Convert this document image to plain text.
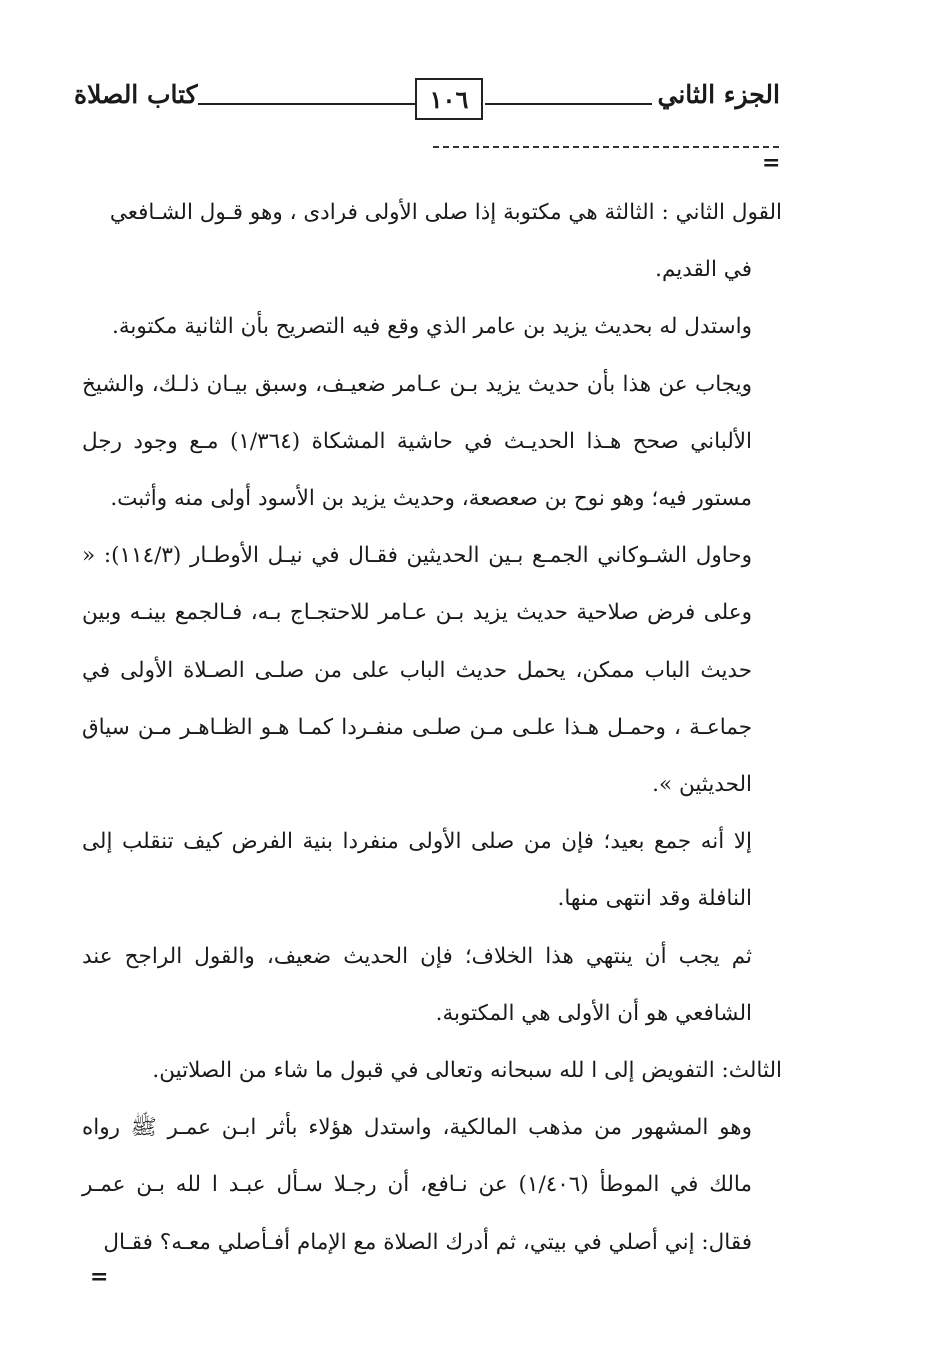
الجزء الثاني
١٠٦
كتاب الصلاة
=

القول الثاني : الثالثة هي مكتوبة إذا صلى الأولى فرادى ، وهو قـول الشـافعي

في القديم.

واستدل له بحديث يزيد بن عامر الذي وقع فيه التصريح بأن الثانية مكتوبة.

ويجاب عن هذا بأن حديث يزيد بـن عـامر ضعيـف، وسبق بيـان ذلـك، والشيخ الألباني صحح هـذا الحديـث في حاشية المشكاة (١/٣٦٤) مـع وجود رجل مستور فيه؛ وهو نوح بن صعصعة، وحديث يزيد بن الأسود أولى منه وأثبت.

وحاول الشـوكاني الجمـع بـين الحديثين فقـال في نيـل الأوطـار (١١٤/٣): « وعلى فرض صلاحية حديث يزيد بـن عـامر للاحتجـاج بـه، فـالجمع بينـه وبين حديث الباب ممكن، يحمل حديث الباب على من صلـى الصـلاة الأولى في جماعـة ، وحمـل هـذا علـى مـن صلـى منفـردا كمـا هـو الظـاهـر مـن سياق الحديثين ».

إلا أنه جمع بعيد؛ فإن من صلى الأولى منفردا بنية الفرض كيف تنقلب إلى النافلة وقد انتهى منها.

ثم يجب أن ينتهي هذا الخلاف؛ فإن الحديث ضعيف، والقول الراجح عند الشافعي هو أن الأولى هي المكتوبة.

الثالث: التفويض إلى ا لله سبحانه وتعالى في قبول ما شاء من الصلاتين.

وهو المشهور من مذهب المالكية، واستدل هؤلاء بأثر ابـن عمـر ﷺ رواه مالك في الموطأ (١/٤٠٦) عن نـافع، أن رجـلا سـأل عبـد ا لله بـن عمـر فقال: إني أصلي في بيتي، ثم أدرك الصلاة مع الإمام أفـأصلي معـه؟ فقـال

=
